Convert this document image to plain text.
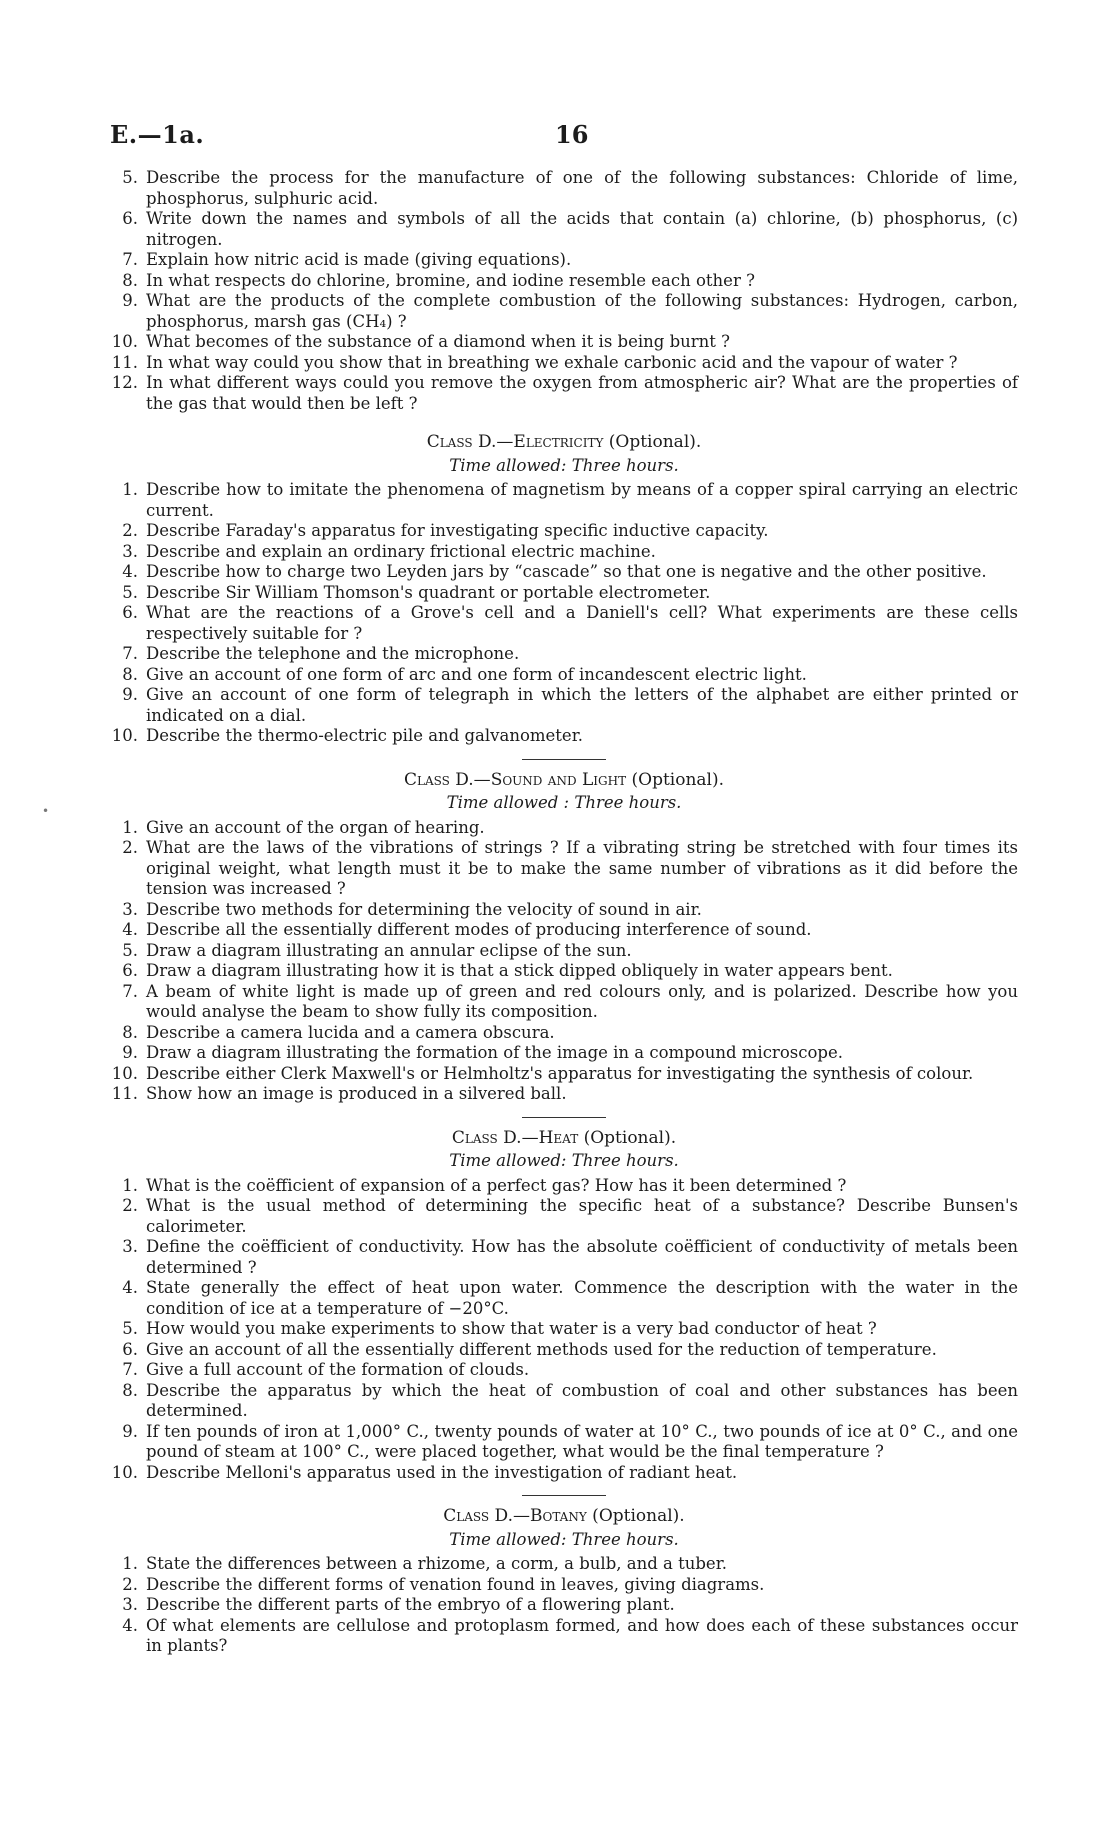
E.—1a.	16
5. Describe the process for the manufacture of one of the following substances: Chloride of lime, phosphorus, sulphuric acid.
6. Write down the names and symbols of all the acids that contain (a) chlorine, (b) phosphorus, (c) nitrogen.
7. Explain how nitric acid is made (giving equations).
8. In what respects do chlorine, bromine, and iodine resemble each other ?
9. What are the products of the complete combustion of the following substances: Hydrogen, carbon, phosphorus, marsh gas (CH₄) ?
10. What becomes of the substance of a diamond when it is being burnt ?
11. In what way could you show that in breathing we exhale carbonic acid and the vapour of water ?
12. In what different ways could you remove the oxygen from atmospheric air? What are the properties of the gas that would then be left ?
Class D.—Electricity (Optional).
Time allowed: Three hours.
1. Describe how to imitate the phenomena of magnetism by means of a copper spiral carrying an electric current.
2. Describe Faraday's apparatus for investigating specific inductive capacity.
3. Describe and explain an ordinary frictional electric machine.
4. Describe how to charge two Leyden jars by “cascade” so that one is negative and the other positive.
5. Describe Sir William Thomson's quadrant or portable electrometer.
6. What are the reactions of a Grove's cell and a Daniell's cell? What experiments are these cells respectively suitable for ?
7. Describe the telephone and the microphone.
8. Give an account of one form of arc and one form of incandescent electric light.
9. Give an account of one form of telegraph in which the letters of the alphabet are either printed or indicated on a dial.
10. Describe the thermo-electric pile and galvanometer.
Class D.—Sound and Light (Optional).
Time allowed : Three hours.
1. Give an account of the organ of hearing.
2. What are the laws of the vibrations of strings ? If a vibrating string be stretched with four times its original weight, what length must it be to make the same number of vibrations as it did before the tension was increased ?
3. Describe two methods for determining the velocity of sound in air.
4. Describe all the essentially different modes of producing interference of sound.
5. Draw a diagram illustrating an annular eclipse of the sun.
6. Draw a diagram illustrating how it is that a stick dipped obliquely in water appears bent.
7. A beam of white light is made up of green and red colours only, and is polarized. Describe how you would analyse the beam to show fully its composition.
8. Describe a camera lucida and a camera obscura.
9. Draw a diagram illustrating the formation of the image in a compound microscope.
10. Describe either Clerk Maxwell's or Helmholtz's apparatus for investigating the synthesis of colour.
11. Show how an image is produced in a silvered ball.
Class D.—Heat (Optional).
Time allowed: Three hours.
1. What is the coëfficient of expansion of a perfect gas? How has it been determined ?
2. What is the usual method of determining the specific heat of a substance? Describe Bunsen's calorimeter.
3. Define the coëfficient of conductivity. How has the absolute coëfficient of conductivity of metals been determined ?
4. State generally the effect of heat upon water. Commence the description with the water in the condition of ice at a temperature of −20°C.
5. How would you make experiments to show that water is a very bad conductor of heat ?
6. Give an account of all the essentially different methods used for the reduction of temperature.
7. Give a full account of the formation of clouds.
8. Describe the apparatus by which the heat of combustion of coal and other substances has been determined.
9. If ten pounds of iron at 1,000° C., twenty pounds of water at 10° C., two pounds of ice at 0° C., and one pound of steam at 100° C., were placed together, what would be the final temperature ?
10. Describe Melloni's apparatus used in the investigation of radiant heat.
Class D.—Botany (Optional).
Time allowed: Three hours.
1. State the differences between a rhizome, a corm, a bulb, and a tuber.
2. Describe the different forms of venation found in leaves, giving diagrams.
3. Describe the different parts of the embryo of a flowering plant.
4. Of what elements are cellulose and protoplasm formed, and how does each of these substances occur in plants?
•
